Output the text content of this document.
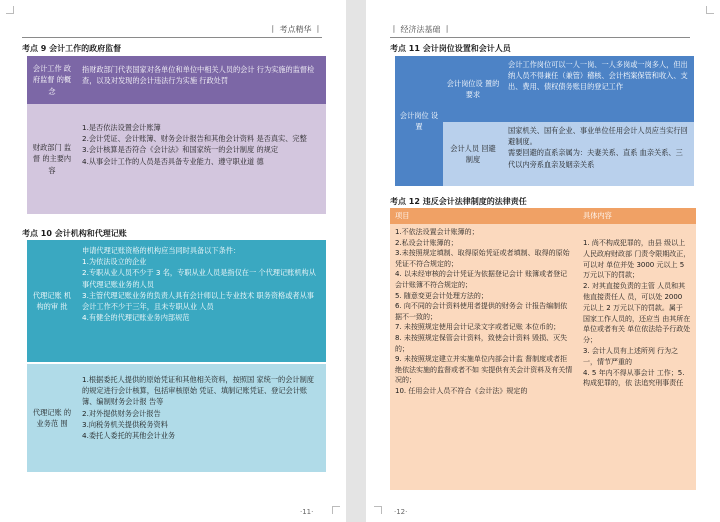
丨 考点精华 丨
考点 9 会计工作的政府监督
会计工作 政府监督 的概念
指财政部门代表国家对各单位和单位中相关人员的会计 行为实施的监督检查，以及对发现的会计违法行为实施 行政处罚
财政部门 监督 的主要内 容
1.是否依法设置会计账簿
2.会计凭证、会计账簿、财务会计报告和其他会计资料 是否真实、完整
3.会计核算是否符合《会计法》和国家统一的会计制度 的规定
4.从事会计工作的人员是否具备专业能力、遵守职业道 德
考点 10 会计机构和代理记账
代理记账 机构的审 批
申请代理记账资格的机构应当同时具备以下条件：
1.为依法设立的企业
2.专职从业人员不少于 3 名，专职从业人员是指仅在一 个代理记账机构从事代理记账业务的人员
3.主管代理记账业务的负责人具有会计师以上专业技术 职务资格或者从事会计工作不少于三年，且未专职从业 人员
4.有健全的代理记账业务内部规范
代理记账 的业务范 围
1.根据委托人提供的原始凭证和其他相关资料，按照国 家统一的会计制度的规定进行会计核算，包括审核原始 凭证、填制记账凭证、登记会计账簿、编制财务会计报 告等
2.对外提供财务会计报告
3.向税务机关提供税务资料
4.委托人委托的其他会计业务
·11·
丨 经济法基础 丨
考点 11 会计岗位设置和会计人员
会计岗位 设 置
会计岗位设 置的 要求
会计工作岗位可以一人一岗、一人多岗或一岗多人，但出纳人员不得兼任（兼管）稽核、会计档案保管和收入、支出、费用、债权债务账目的登记工作
会计人员 回避 制度
国家机关、国有企业、事业单位任用会计人员应当实行回避制度。
需要回避的直系亲属为：夫妻关系、直系 血亲关系、三代以内旁系血亲及姻亲关系
考点 12 违反会计法律制度的法律责任
项目	具体内容
1.不依法设置会计账簿的；
2.私设会计账簿的；
3.未按照规定填制、取得原始凭证或者填制、取得的原始凭证不符合规定的；
4. 以未经审核的会计凭证为依据登记会计 账簿或者登记会计账簿不符合规定的；
5. 随意变更会计处理方法的；
6. 向不同的会计资料使用者提供的财务会 计报告编制依据不一致的；
7. 未按照规定使用会计记录文字或者记账 本位币的；
8. 未按照规定保管会计资料，致使会计资料 毁损、灭失的；
9. 未按照规定建立并实施单位内部会计监 督制度或者拒绝依法实施的监督或者不如 实提供有关会计资料及有关情况的；
10. 任用会计人员不符合《会计法》规定的
1. 尚不构成犯罪的，由县 级以上人民政府财政部 门责令限期改正，可以对 单位并处 3000 元以上 5 万元以下的罚款；
2. 对其直接负责的主管 人员和其他直接责任人 员，可以处 2000 元以上 2 万元以下的罚款。属于 国家工作人员的，还应当 由其所在单位或者有关 单位依法给予行政处分；
3. 会计人员有上述所列 行为之一，情节严重的
4. 5 年内不得从事会计 工作；5.构成犯罪的，依 法追究刑事责任
·12·
